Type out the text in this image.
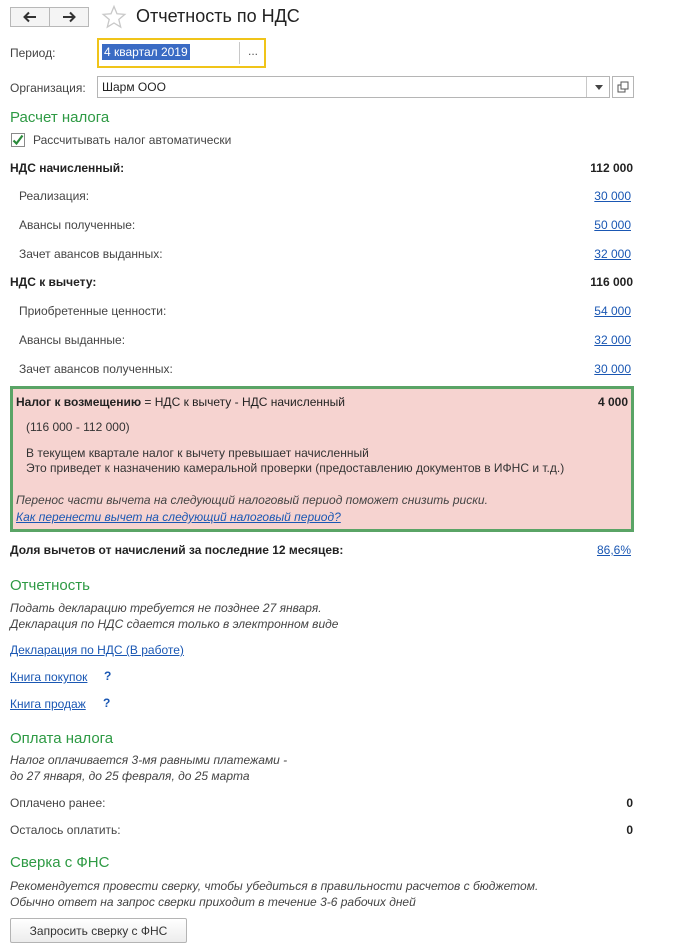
Отчетность по НДС
Период:	4 квартал 2019	...
Организация: Шарм ООО
Расчет налога
Рассчитывать налог автоматически
НДС начисленный:	112 000
Реализация:	30 000
Авансы полученные:	50 000
Зачет авансов выданных:	32 000
НДС к вычету:	116 000
Приобретенные ценности:	54 000
Авансы выданные:	32 000
Зачет авансов полученных:	30 000
Налог к возмещению = НДС к вычету - НДС начисленный	4 000
(116 000 - 112 000)
В текущем квартале налог к вычету превышает начисленный
Это приведет к назначению камеральной проверки (предоставлению документов в ИФНС и т.д.)
Перенос части вычета на следующий налоговый период поможет снизить риски.
Как перенести вычет на следующий налоговый период?
Доля вычетов от начислений за последние 12 месяцев:	86,6%
Отчетность
Подать декларацию требуется не позднее 27 января.
Декларация по НДС сдается только в электронном виде
Декларация по НДС (В работе)
Книга покупок ?
Книга продаж ?
Оплата налога
Налог оплачивается 3-мя равными платежами -
до 27 января, до 25 февраля, до 25 марта
Оплачено ранее:	0
Осталось оплатить:	0
Сверка с ФНС
Рекомендуется провести сверку, чтобы убедиться в правильности расчетов с бюджетом.
Обычно ответ на запрос сверки приходит в течение 3-6 рабочих дней
Запросить сверку с ФНС
